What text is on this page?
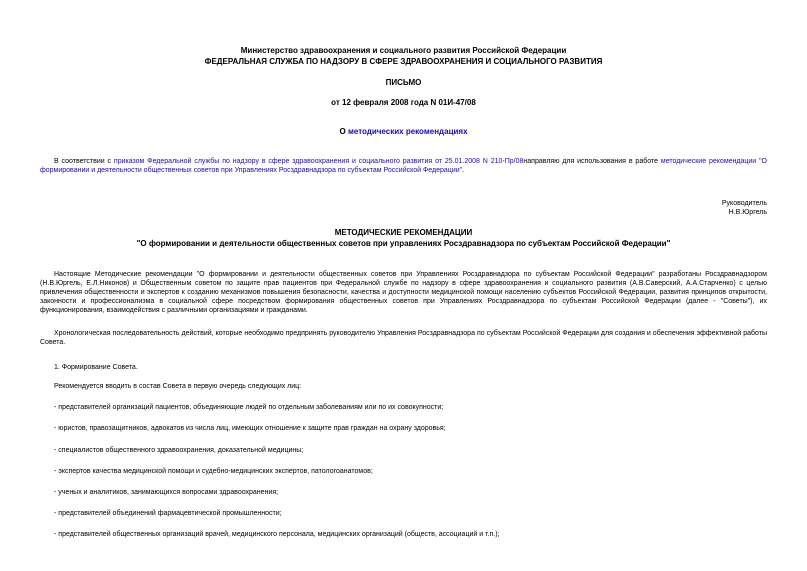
Министерство здравоохранения и социального развития Российской Федерации
ФЕДЕРАЛЬНАЯ СЛУЖБА ПО НАДЗОРУ В СФЕРЕ ЗДРАВООХРАНЕНИЯ И СОЦИАЛЬНОГО РАЗВИТИЯ
ПИСЬМО
от 12 февраля 2008 года N 01И-47/08
О методических рекомендациях
В соответствии с приказом Федеральной службы по надзору в сфере здравоохранения и социального развития от 25.01.2008 N 210-Пр/08направляю для использования в работе методические рекомендации "О формировании и деятельности общественных советов при Управлениях Росздравнадзора по субъектам Российской Федерации".
Руководитель
Н.В.Юргель
МЕТОДИЧЕСКИЕ РЕКОМЕНДАЦИИ
"О формировании и деятельности общественных советов при управлениях Росздравнадзора по субъектам Российской Федерации"
Настоящие Методические рекомендации "О формировании и деятельности общественных советов при Управлениях Росздравнадзора по субъектам Российской Федерации" разработаны Росздравнадзором (Н.В.Юргель, Е.Л.Никонов) и Общественным советом по защите прав пациентов при Федеральной службе по надзору в сфере здравоохранения и социального развития (А.В.Саверский, А.А.Старченко) с целью привлечения общественности и экспертов к созданию механизмов повышения безопасности, качества и доступности медицинской помощи населению субъектов Российской Федерации, развития принципов открытости, законности и профессионализма в социальной сфере посредством формирования общественных советов при Управлениях Росздравнадзора по субъектам Российской Федерации (далее - "Советы"), их функционирования, взаимодействия с различными организациями и гражданами.
Хронологическая последовательность действий, которые необходимо предпринять руководителю Управления Росздравнадзора по субъектам Российской Федерации для создания и обеспечения эффективной работы Совета.
1. Формирование Совета.
Рекомендуется вводить в состав Совета в первую очередь следующих лиц:
- представителей организаций пациентов, объединяющие людей по отдельным заболеваниям или по их совокупности;
- юристов, правозащитников, адвокатов из числа лиц, имеющих отношение к защите прав граждан на охрану здоровья;
- специалистов общественного здравоохранения, доказательной медицины;
- экспертов качества медицинской помощи и судебно-медицинских экспертов, патологоанатомов;
- ученых и аналитиков, занимающихся вопросами здравоохранения;
- представителей объединений фармацевтической промышленности;
- представителей общественных организаций врачей, медицинского персонала, медицинских организаций (обществ, ассоциаций и т.п.);
